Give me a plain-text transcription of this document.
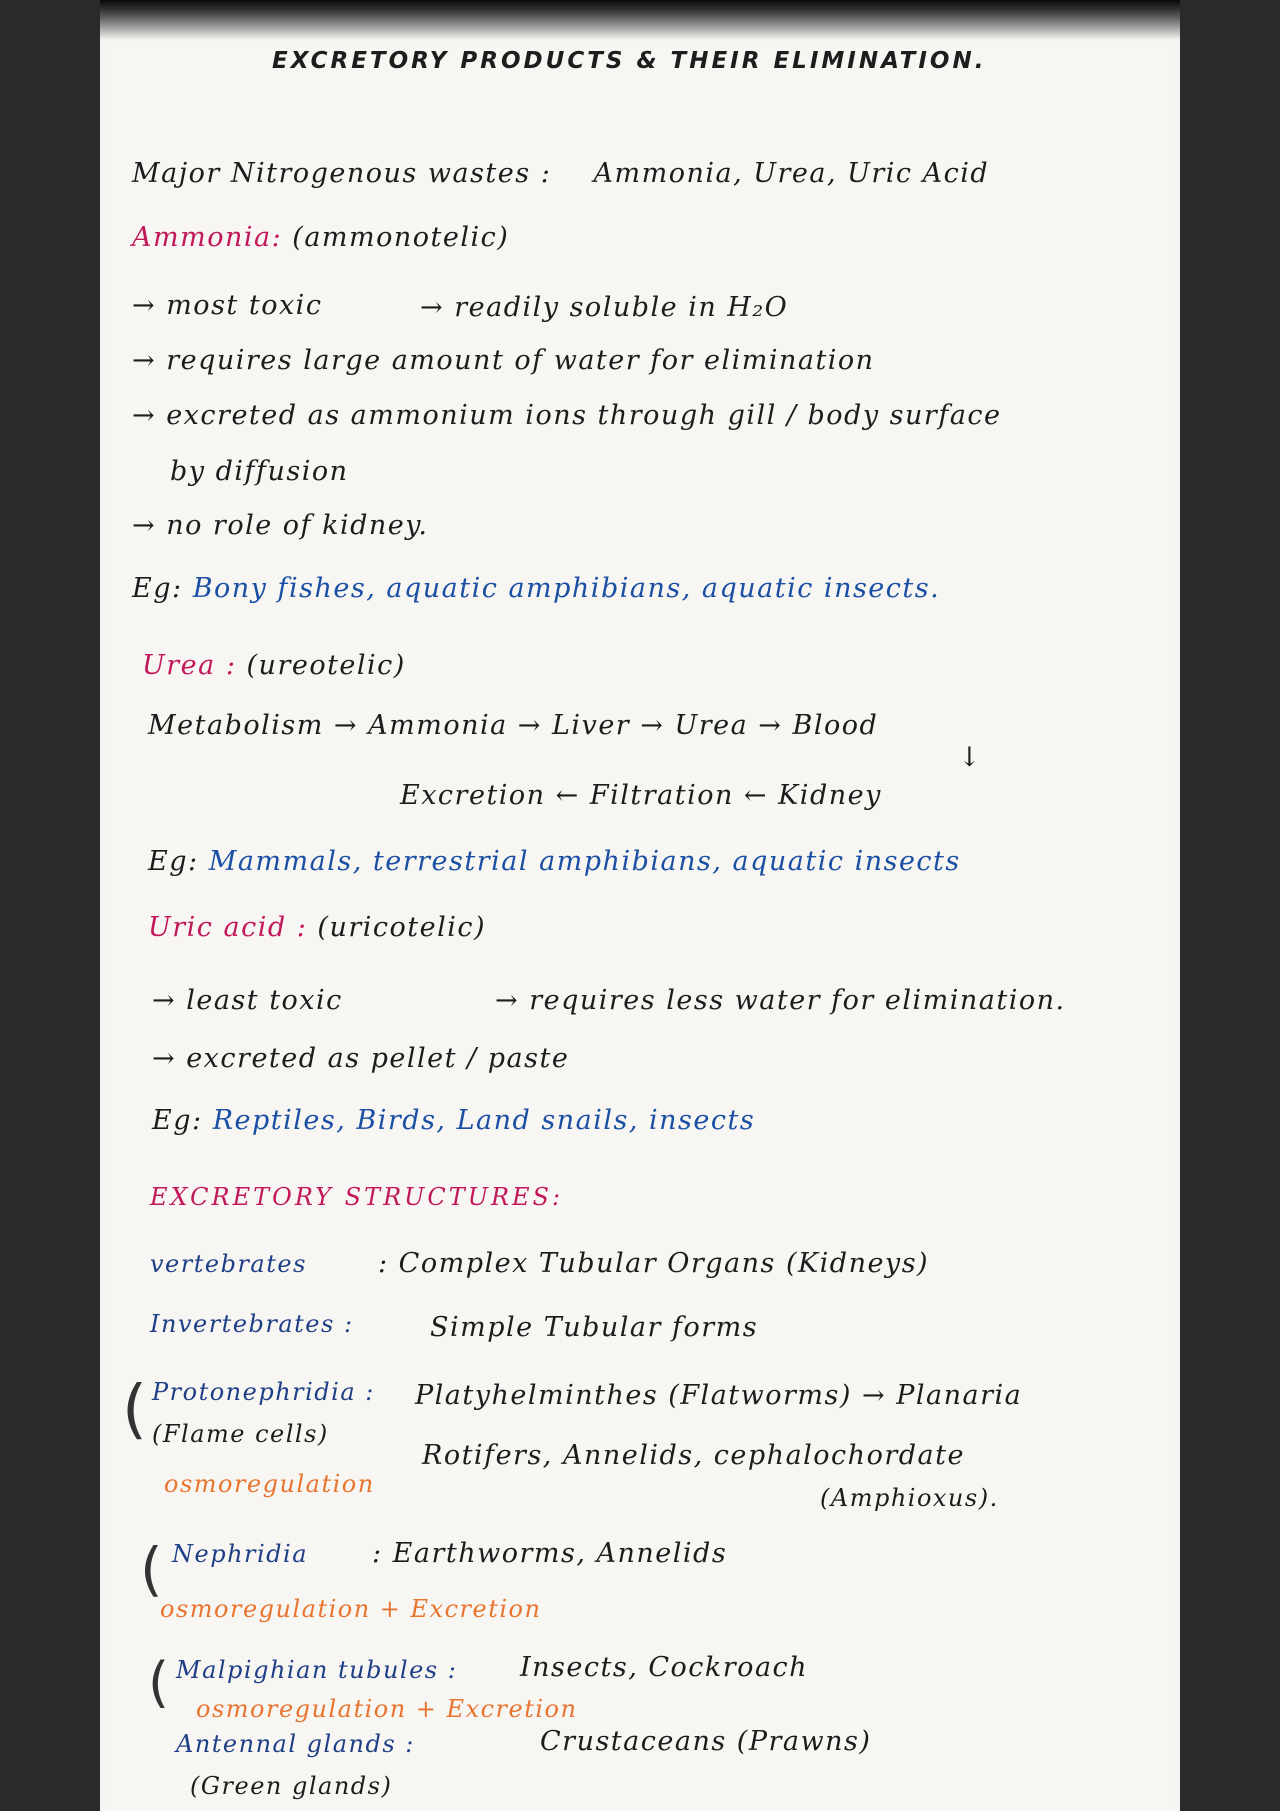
EXCRETORY PRODUCTS & THEIR ELIMINATION.
Major Nitrogenous wastes : Ammonia, Urea, Uric Acid
Ammonia: (ammonotelic)
→ most toxic	→ readily soluble in H₂O
→ requires large amount of water for elimination
→ excreted as ammonium ions through gill / body surface
by diffusion
→ no role of kidney.
Eg: Bony fishes, aquatic amphibians, aquatic insects.
Urea : (ureotelic)
Metabolism → Ammonia → Liver → Urea → Blood
↓
Excretion ← Filtration ← Kidney
Eg: Mammals, terrestrial amphibians, aquatic insects
Uric acid : (uricotelic)
→ least toxic	→ requires less water for elimination.
→ excreted as pellet / paste
Eg: Reptiles, Birds, Land snails, insects
EXCRETORY STRUCTURES:
vertebrates	: Complex Tubular Organs (Kidneys)
Invertebrates :	Simple Tubular forms
( Protonephridia : Platyhelminthes (Flatworms) → Planaria
(Flame cells)
Rotifers, Annelids, cephalochordate
osmoregulation	(Amphioxus).
( Nephridia : Earthworms, Annelids
osmoregulation + Excretion
( Malpighian tubules : Insects, Cockroach
osmoregulation + Excretion
Antennal glands :	Crustaceans (Prawns)
(Green glands)
